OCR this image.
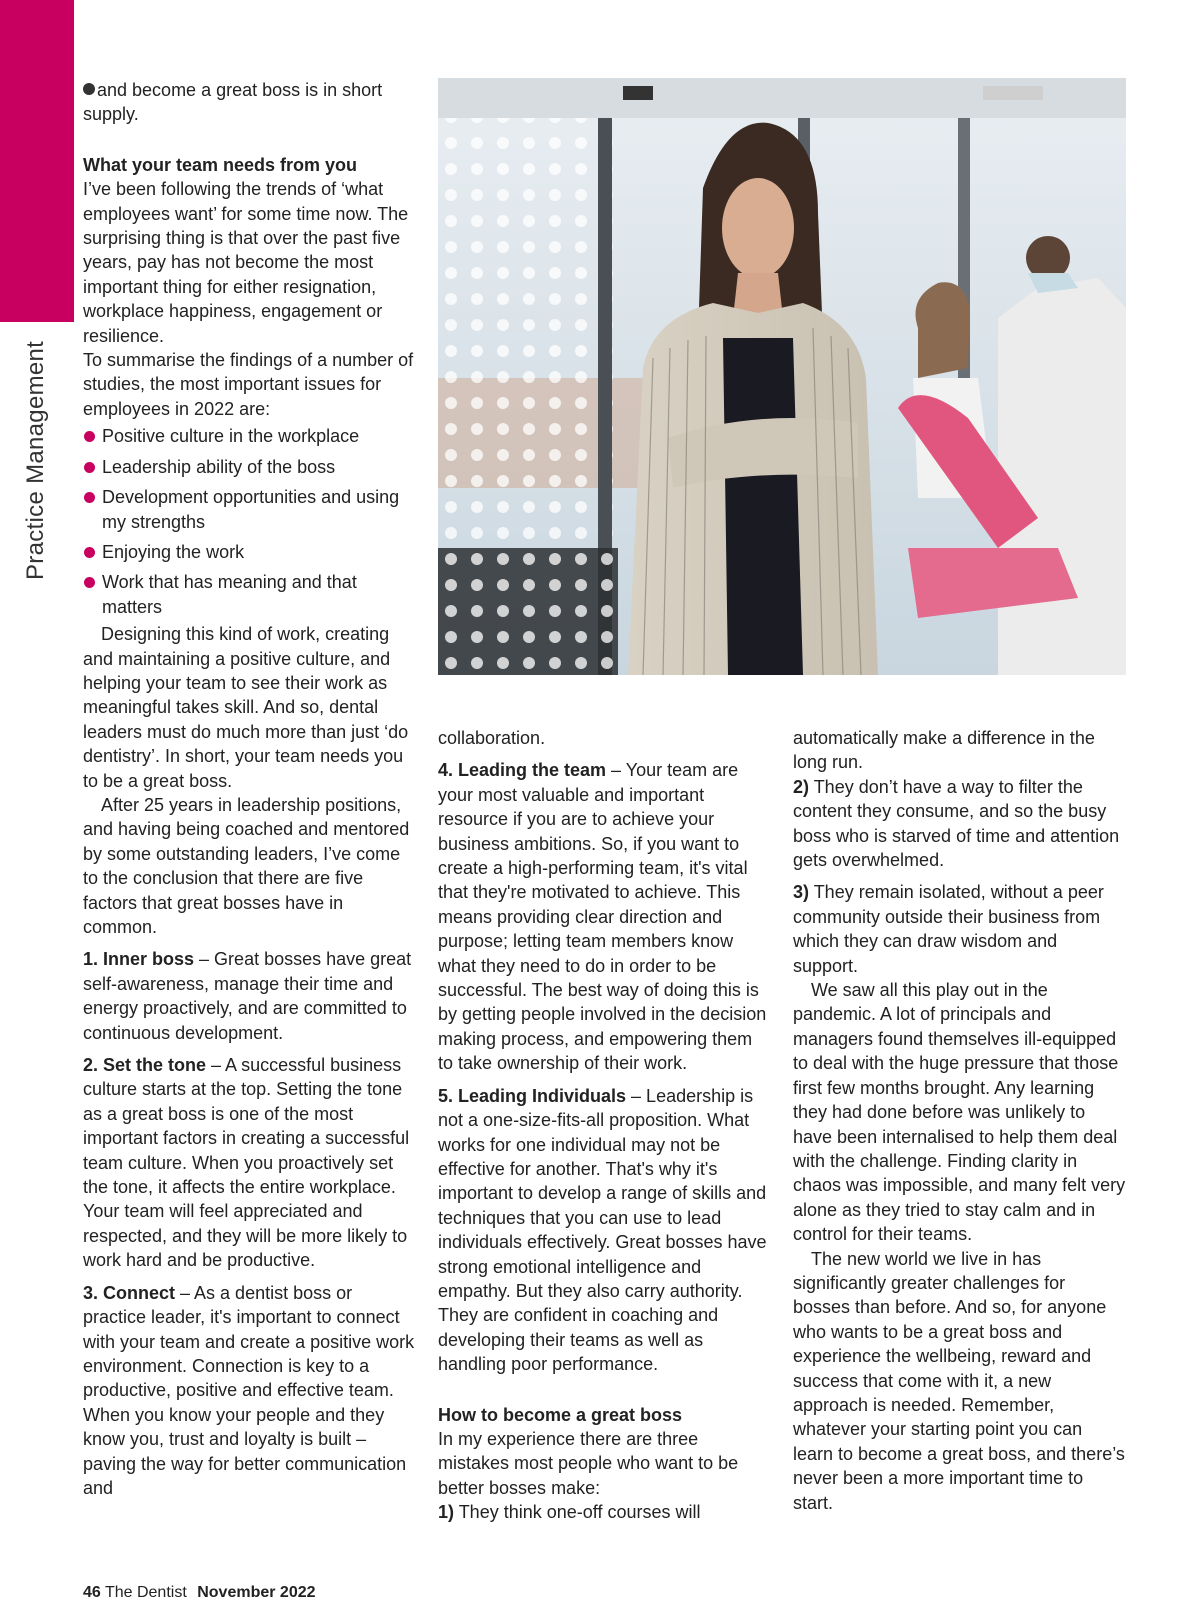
Practice Management

and become a great boss is in short supply.

What your team needs from you

I’ve been following the trends of ‘what employees want’ for some time now. The surprising thing is that over the past five years, pay has not become the most important thing for either resignation, workplace happiness, engagement or resilience.

To summarise the findings of a number of studies, the most important issues for employees in 2022 are:

Positive culture in the workplace
Leadership ability of the boss
Development opportunities and using my strengths
Enjoying the work
Work that has meaning and that matters

Designing this kind of work, creating and maintaining a positive culture, and helping your team to see their work as meaningful takes skill. And so, dental leaders must do much more than just ‘do dentistry’. In short, your team needs you to be a great boss.

After 25 years in leadership positions, and having being coached and mentored by some outstanding leaders, I’ve come to the conclusion that there are five factors that great bosses have in common.

1. Inner boss – Great bosses have great self-awareness, manage their time and energy proactively, and are committed to continuous development.

2. Set the tone – A successful business culture starts at the top. Setting the tone as a great boss is one of the most important factors in creating a successful team culture. When you proactively set the tone, it affects the entire workplace. Your team will feel appreciated and respected, and they will be more likely to work hard and be productive.

3. Connect – As a dentist boss or practice leader, it's important to connect with your team and create a positive work environment. Connection is key to a productive, positive and effective team. When you know your people and they know you, trust and loyalty is built – paving the way for better communication and

collaboration.

4. Leading the team – Your team are your most valuable and important resource if you are to achieve your business ambitions. So, if you want to create a high-performing team, it's vital that they're motivated to achieve. This means providing clear direction and purpose; letting team members know what they need to do in order to be successful. The best way of doing this is by getting people involved in the decision making process, and empowering them to take ownership of their work.

5. Leading Individuals – Leadership is not a one-size-fits-all proposition. What works for one individual may not be effective for another. That's why it's important to develop a range of skills and techniques that you can use to lead individuals effectively. Great bosses have strong emotional intelligence and empathy. But they also carry authority. They are confident in coaching and developing their teams as well as handling poor performance.

How to become a great boss

In my experience there are three mistakes most people who want to be better bosses make:

1) They think one-off courses will

automatically make a difference in the long run.

2) They don’t have a way to filter the content they consume, and so the busy boss who is starved of time and attention gets overwhelmed.

3) They remain isolated, without a peer community outside their business from which they can draw wisdom and support.

We saw all this play out in the pandemic. A lot of principals and managers found themselves ill-equipped to deal with the huge pressure that those first few months brought. Any learning they had done before was unlikely to have been internalised to help them deal with the challenge. Finding clarity in chaos was impossible, and many felt very alone as they tried to stay calm and in control for their teams.

The new world we live in has significantly greater challenges for bosses than before. And so, for anyone who wants to be a great boss and experience the wellbeing, reward and success that come with it, a new approach is needed. Remember, whatever your starting point you can learn to become a great boss, and there’s never been a more important time to start.

46 The Dentist November 2022
